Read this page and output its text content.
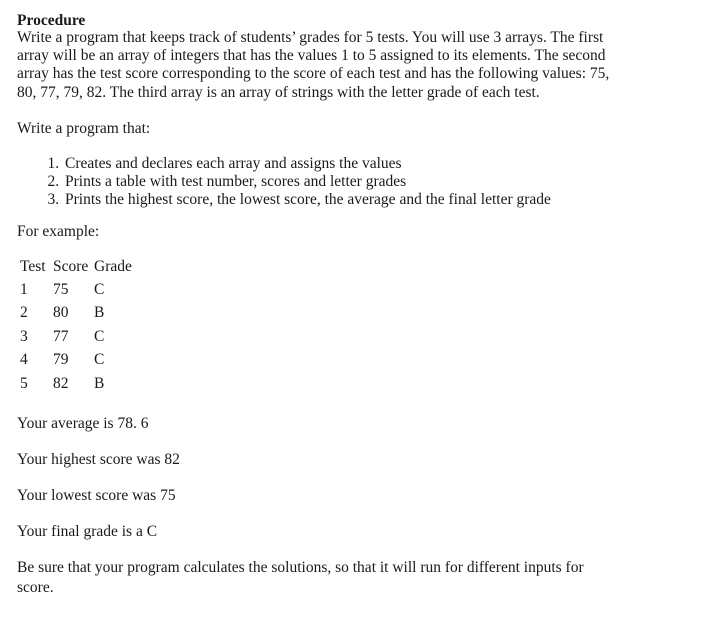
Procedure

Write a program that keeps track of students’ grades for 5 tests. You will use 3 arrays. The first array will be an array of integers that has the values 1 to 5 assigned to its elements. The second array has the test score corresponding to the score of each test and has the following values: 75, 80, 77, 79, 82. The third array is an array of strings with the letter grade of each test.

Write a program that:

1. Creates and declares each array and assigns the values
2. Prints a table with test number, scores and letter grades
3. Prints the highest score, the lowest score, the average and the final letter grade

For example:

Test	Score	Grade
1	75	C
2	80	B
3	77	C
4	79	C
5	82	B

Your average is 78. 6

Your highest score was 82

Your lowest score was 75

Your final grade is a C

Be sure that your program calculates the solutions, so that it will run for different inputs for score.
